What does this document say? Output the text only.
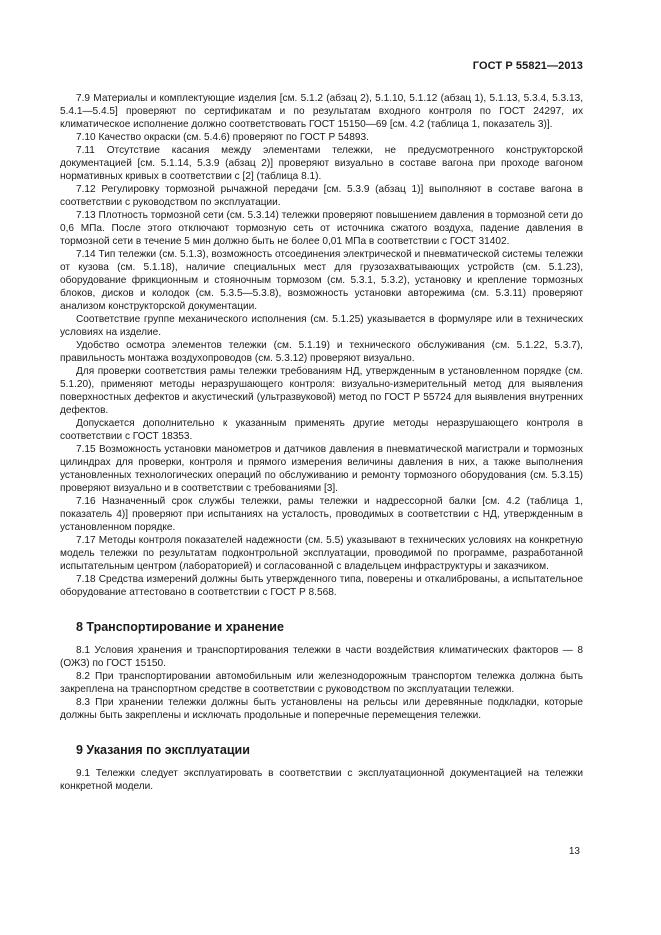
ГОСТ Р 55821—2013

7.9 Материалы и комплектующие изделия [см. 5.1.2 (абзац 2), 5.1.10, 5.1.12 (абзац 1), 5.1.13, 5.3.4, 5.3.13, 5.4.1—5.4.5] проверяют по сертификатам и по результатам входного контроля по ГОСТ 24297, их климатическое исполнение должно соответствовать ГОСТ 15150—69 [см. 4.2 (таблица 1, показатель 3)].

7.10 Качество окраски (см. 5.4.6) проверяют по ГОСТ Р 54893.

7.11 Отсутствие касания между элементами тележки, не предусмотренного конструкторской документацией [см. 5.1.14, 5.3.9 (абзац 2)] проверяют визуально в составе вагона при проходе вагоном нормативных кривых в соответствии с [2] (таблица 8.1).

7.12 Регулировку тормозной рычажной передачи [см. 5.3.9 (абзац 1)] выполняют в составе вагона в соответствии с руководством по эксплуатации.

7.13 Плотность тормозной сети (см. 5.3.14) тележки проверяют повышением давления в тормозной сети до 0,6 МПа. После этого отключают тормозную сеть от источника сжатого воздуха, падение давления в тормозной сети в течение 5 мин должно быть не более 0,01 МПа в соответствии с ГОСТ 31402.

7.14 Тип тележки (см. 5.1.3), возможность отсоединения электрической и пневматической системы тележки от кузова (см. 5.1.18), наличие специальных мест для грузозахватывающих устройств (см. 5.1.23), оборудование фрикционным и стояночным тормозом (см. 5.3.1, 5.3.2), установку и крепление тормозных блоков, дисков и колодок (см. 5.3.5—5.3.8), возможность установки авторежима (см. 5.3.11) проверяют анализом конструкторской документации.

Соответствие группе механического исполнения (см. 5.1.25) указывается в формуляре или в технических условиях на изделие.

Удобство осмотра элементов тележки (см. 5.1.19) и технического обслуживания (см. 5.1.22, 5.3.7), правильность монтажа воздухопроводов (см. 5.3.12) проверяют визуально.

Для проверки соответствия рамы тележки требованиям НД, утвержденным в установленном порядке (см. 5.1.20), применяют методы неразрушающего контроля: визуально-измерительный метод для выявления поверхностных дефектов и акустический (ультразвуковой) метод по ГОСТ Р 55724 для выявления внутренних дефектов.

Допускается дополнительно к указанным применять другие методы неразрушающего контроля в соответствии с ГОСТ 18353.

7.15 Возможность установки манометров и датчиков давления в пневматической магистрали и тормозных цилиндрах для проверки, контроля и прямого измерения величины давления в них, а также выполнения установленных технологических операций по обслуживанию и ремонту тормозного оборудования (см. 5.3.15) проверяют визуально и в соответствии с требованиями [3].

7.16 Назначенный срок службы тележки, рамы тележки и надрессорной балки [см. 4.2 (таблица 1, показатель 4)] проверяют при испытаниях на усталость, проводимых в соответствии с НД, утвержденным в установленном порядке.

7.17 Методы контроля показателей надежности (см. 5.5) указывают в технических условиях на конкретную модель тележки по результатам подконтрольной эксплуатации, проводимой по программе, разработанной испытательным центром (лабораторией) и согласованной с владельцем инфраструктуры и заказчиком.

7.18 Средства измерений должны быть утвержденного типа, поверены и откалиброваны, а испытательное оборудование аттестовано в соответствии с ГОСТ Р 8.568.

8 Транспортирование и хранение

8.1 Условия хранения и транспортирования тележки в части воздействия климатических факторов — 8 (ОЖЗ) по ГОСТ 15150.

8.2 При транспортировании автомобильным или железнодорожным транспортом тележка должна быть закреплена на транспортном средстве в соответствии с руководством по эксплуатации тележки.

8.3 При хранении тележки должны быть установлены на рельсы или деревянные подкладки, которые должны быть закреплены и исключать продольные и поперечные перемещения тележки.

9 Указания по эксплуатации

9.1 Тележки следует эксплуатировать в соответствии с эксплуатационной документацией на тележки конкретной модели.

13
